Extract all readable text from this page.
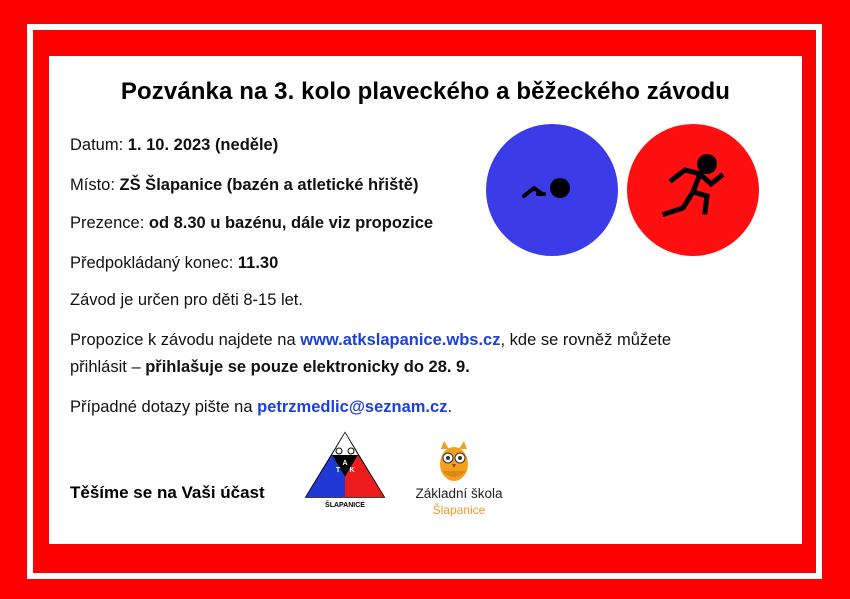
Pozvánka na 3. kolo plaveckého a běžeckého závodu
Datum: 1. 10. 2023 (neděle)
Místo: ZŠ Šlapanice (bazén a atletické hřiště)
Prezence: od 8.30 u bazénu, dále viz propozice
Předpokládaný konec: 11.30
Závod je určen pro děti 8-15 let.
Propozice k závodu najdete na www.atkslapanice.wbs.cz, kde se rovněž můžete
přihlásit – přihlašuje se pouze elektronicky do 28. 9.
Případné dotazy pište na petrzmedlic@seznam.cz.
Těšíme se na Vaši účast
A
T K
ŠLAPANICE
Základní škola
Šlapanice
